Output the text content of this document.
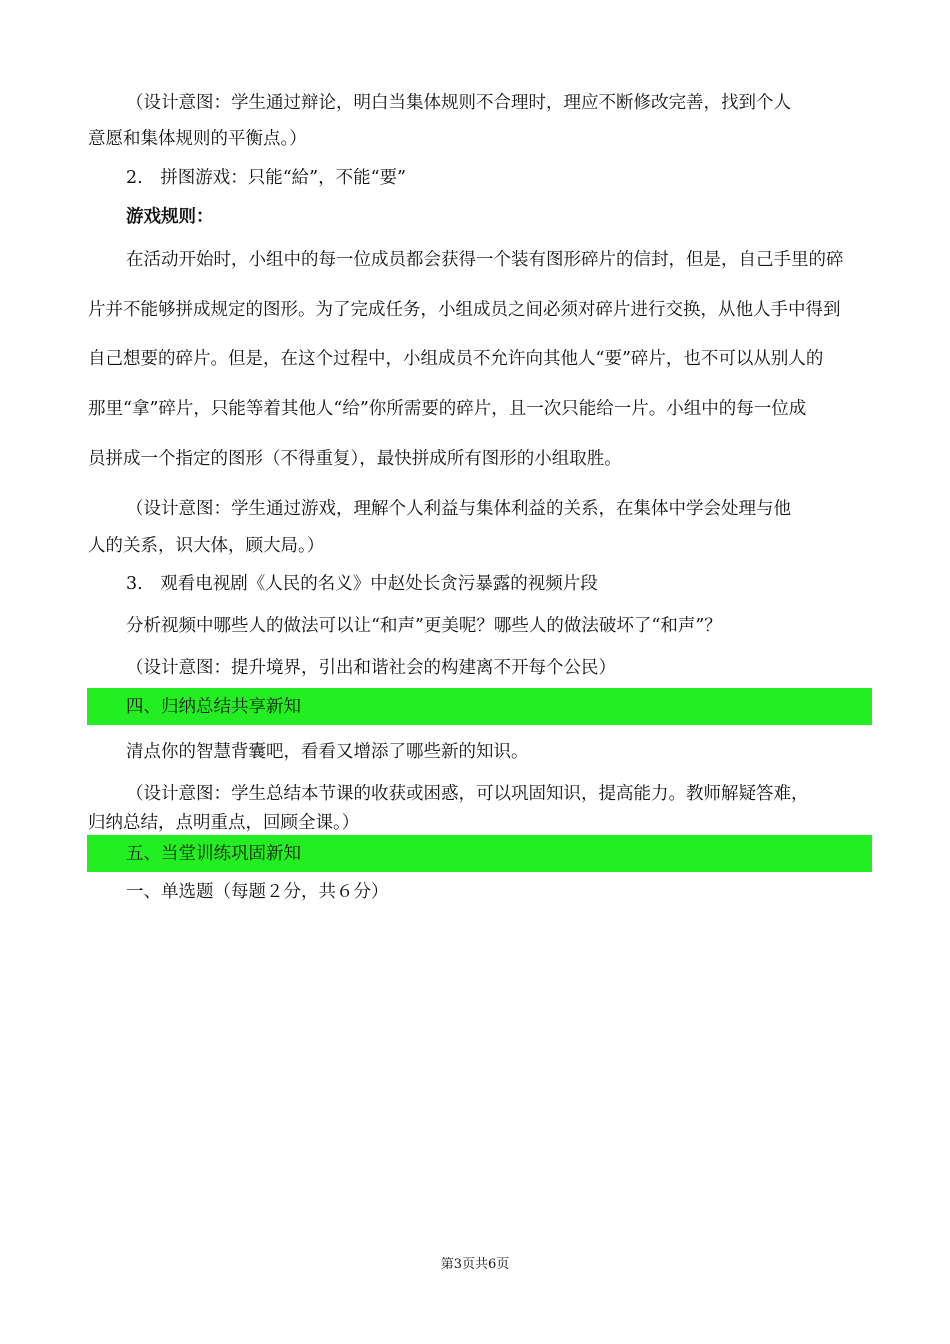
（设计意图：学生通过辩论，明白当集体规则不合理时，理应不断修改完善，找到个人
意愿和集体规则的平衡点。）
2.　拼图游戏：只能“給”，不能“要”
游戏规则：
在活动开始时，小组中的每一位成员都会获得一个装有图形碎片的信封，但是，自己手里的碎
片并不能够拼成规定的图形。为了完成任务，小组成员之间必须对碎片进行交换，从他人手中得到
自己想要的碎片。但是，在这个过程中，小组成员不允许向其他人“要”碎片，也不可以从别人的
那里“拿”碎片，只能等着其他人“给”你所需要的碎片，且一次只能给一片。小组中的每一位成
员拼成一个指定的图形（不得重复），最快拼成所有图形的小组取胜。
（设计意图：学生通过游戏，理解个人利益与集体利益的关系，在集体中学会处理与他
人的关系，识大体，顾大局。）
3.　观看电视剧《人民的名义》中赵处长贪污暴露的视频片段
分析视频中哪些人的做法可以让“和声”更美呢？哪些人的做法破坏了“和声”？
（设计意图：提升境界，引出和谐社会的构建离不开每个公民）
四、归纳总结共享新知
清点你的智慧背囊吧，看看又增添了哪些新的知识。
（设计意图：学生总结本节课的收获或困惑，可以巩固知识，提高能力。教师解疑答难，
归纳总结，点明重点，回顾全课。）
五、当堂训练巩固新知
一、单选题（每题２分，共６分）
第3页共6页
